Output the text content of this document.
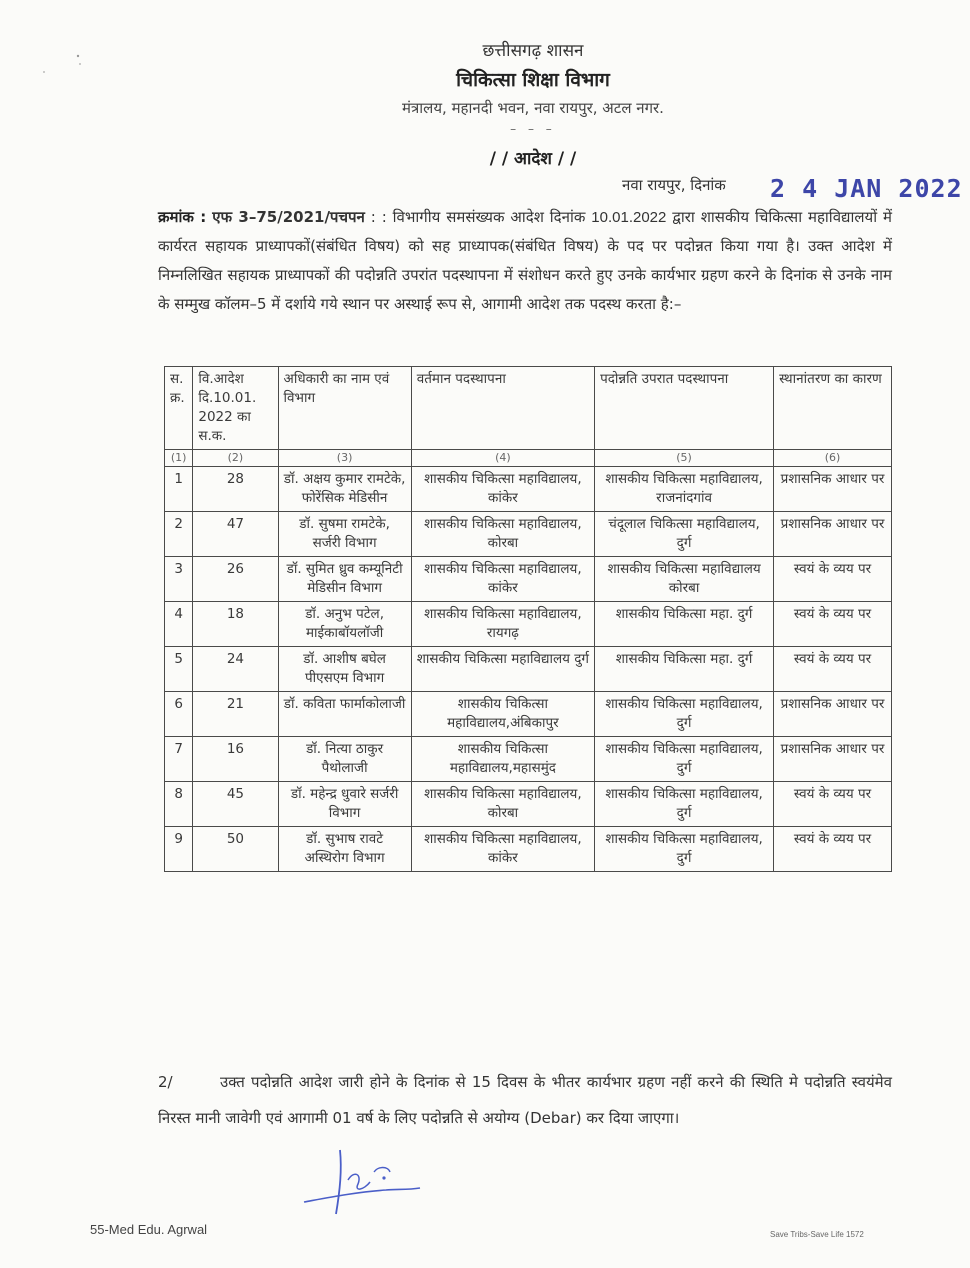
छत्तीसगढ़ शासन
चिकित्सा शिक्षा विभाग
मंत्रालय, महानदी भवन, नवा रायपुर, अटल नगर.
– – –
/ / आदेश / /
नवा रायपुर, दिनांक 2 4 JAN 2022
क्रमांक : एफ 3–75/2021/पचपन : : विभागीय समसंख्यक आदेश दिनांक 10.01.2022 द्वारा शासकीय चिकित्सा महाविद्यालयों में कार्यरत सहायक प्राध्यापकों(संबंधित विषय) को सह प्राध्यापक(संबंधित विषय) के पद पर पदोन्नत किया गया है। उक्त आदेश में निम्नलिखित सहायक प्राध्यापकों की पदोन्नति उपरांत पदस्थापना में संशोधन करते हुए उनके कार्यभार ग्रहण करने के दिनांक से उनके नाम के सम्मुख कॉलम–5 में दर्शाये गये स्थान पर अस्थाई रूप से, आगामी आदेश तक पदस्थ करता है:–
स. क्र.	वि.आदेश दि.10.01. 2022 का स.क.	अधिकारी का नाम एवं विभाग	वर्तमान पदस्थापना	पदोन्नति उपरात पदस्थापना	स्थानांतरण का कारण
(1)	(2)	(3)	(4)	(5)	(6)
1	28	डॉ. अक्षय कुमार रामटेके, फोरेंसिक मेडिसीन	शासकीय चिकित्सा महाविद्यालय, कांकेर	शासकीय चिकित्सा महाविद्यालय, राजनांदगांव	प्रशासनिक आधार पर
2	47	डॉ. सुषमा रामटेके, सर्जरी विभाग	शासकीय चिकित्सा महाविद्यालय, कोरबा	चंदूलाल चिकित्सा महाविद्यालय, दुर्ग	प्रशासनिक आधार पर
3	26	डॉ. सुमित ध्रुव कम्यूनिटी मेडिसीन विभाग	शासकीय चिकित्सा महाविद्यालय, कांकेर	शासकीय चिकित्सा महाविद्यालय कोरबा	स्वयं के व्यय पर
4	18	डॉ. अनुभ पटेल, माईकाबॉयलॉजी	शासकीय चिकित्सा महाविद्यालय, रायगढ़	शासकीय चिकित्सा महा. दुर्ग	स्वयं के व्यय पर
5	24	डॉ. आशीष बघेल पीएसएम विभाग	शासकीय चिकित्सा महाविद्यालय दुर्ग	शासकीय चिकित्सा महा. दुर्ग	स्वयं के व्यय पर
6	21	डॉ. कविता फार्माकोलाजी	शासकीय चिकित्सा महाविद्यालय,अंबिकापुर	शासकीय चिकित्सा महाविद्यालय, दुर्ग	प्रशासनिक आधार पर
7	16	डॉ. नित्या ठाकुर पैथोलाजी	शासकीय चिकित्सा महाविद्यालय,महासमुंद	शासकीय चिकित्सा महाविद्यालय, दुर्ग	प्रशासनिक आधार पर
8	45	डॉ. महेन्द्र धुवारे सर्जरी विभाग	शासकीय चिकित्सा महाविद्यालय, कोरबा	शासकीय चिकित्सा महाविद्यालय, दुर्ग	स्वयं के व्यय पर
9	50	डॉ. सुभाष रावटे अस्थिरोग विभाग	शासकीय चिकित्सा महाविद्यालय, कांकेर	शासकीय चिकित्सा महाविद्यालय, दुर्ग	स्वयं के व्यय पर
2/	उक्त पदोन्नति आदेश जारी होने के दिनांक से 15 दिवस के भीतर कार्यभार ग्रहण नहीं करने की स्थिति मे पदोन्नति स्वयंमेव निरस्त मानी जावेगी एवं आगामी 01 वर्ष के लिए पदोन्नति से अयोग्य (Debar) कर दिया जाएगा।
55-Med Edu. Agrwal	Save Tribs-Save Life 1572
